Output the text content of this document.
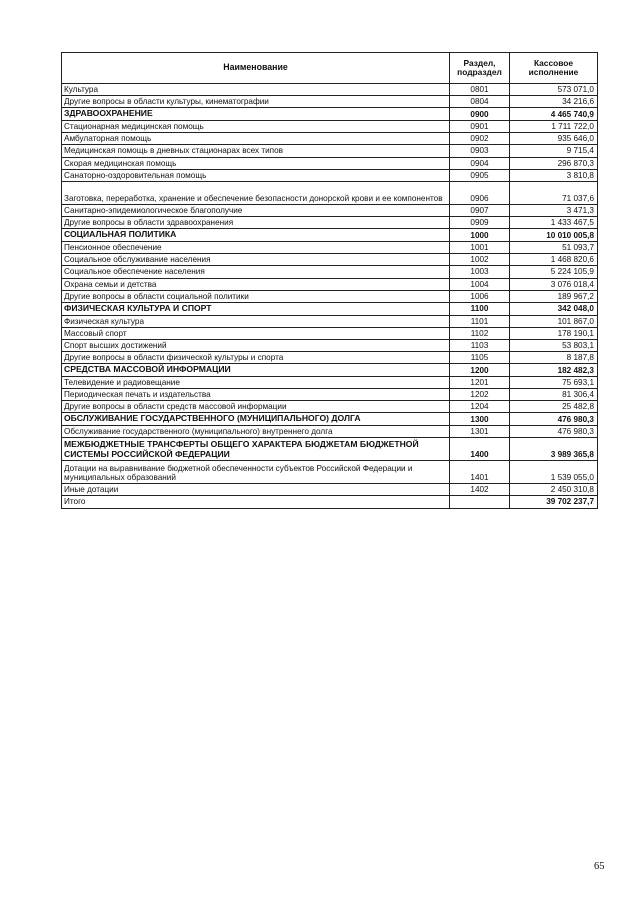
Наименование	Раздел, подраздел	Кассовое исполнение
Культура	0801	573 071,0
Другие вопросы в области культуры, кинематографии	0804	34 216,6
ЗДРАВООХРАНЕНИЕ	0900	4 465 740,9
Стационарная медицинская помощь	0901	1 711 722,0
Амбулаторная помощь	0902	935 646,0
Медицинская помощь в дневных стационарах всех типов	0903	9 715,4
Скорая медицинская помощь	0904	296 870,3
Санаторно-оздоровительная помощь	0905	3 810,8
Заготовка, переработка, хранение и обеспечение безопасности донорской крови и ее компонентов	0906	71 037,6
Санитарно-эпидемиологическое благополучие	0907	3 471,3
Другие вопросы в области здравоохранения	0909	1 433 467,5
СОЦИАЛЬНАЯ ПОЛИТИКА	1000	10 010 005,8
Пенсионное обеспечение	1001	51 093,7
Социальное обслуживание населения	1002	1 468 820,6
Социальное обеспечение населения	1003	5 224 105,9
Охрана семьи и детства	1004	3 076 018,4
Другие вопросы в области социальной политики	1006	189 967,2
ФИЗИЧЕСКАЯ КУЛЬТУРА И СПОРТ	1100	342 048,0
Физическая культура	1101	101 867,0
Массовый спорт	1102	178 190,1
Спорт высших достижений	1103	53 803,1
Другие вопросы в области физической культуры и спорта	1105	8 187,8
СРЕДСТВА МАССОВОЙ ИНФОРМАЦИИ	1200	182 482,3
Телевидение и радиовещание	1201	75 693,1
Периодическая печать и издательства	1202	81 306,4
Другие вопросы в области средств массовой информации	1204	25 482,8
ОБСЛУЖИВАНИЕ ГОСУДАРСТВЕННОГО (МУНИЦИПАЛЬНОГО) ДОЛГА	1300	476 980,3
Обслуживание государственного (муниципального) внутреннего долга	1301	476 980,3
МЕЖБЮДЖЕТНЫЕ ТРАНСФЕРТЫ ОБЩЕГО ХАРАКТЕРА БЮДЖЕТАМ БЮДЖЕТНОЙ СИСТЕМЫ РОССИЙСКОЙ ФЕДЕРАЦИИ	1400	3 989 365,8
Дотации на выравнивание бюджетной обеспеченности субъектов Российской Федерации и муниципальных образований	1401	1 539 055,0
Иные дотации	1402	2 450 310,8
Итого		39 702 237,7
65
